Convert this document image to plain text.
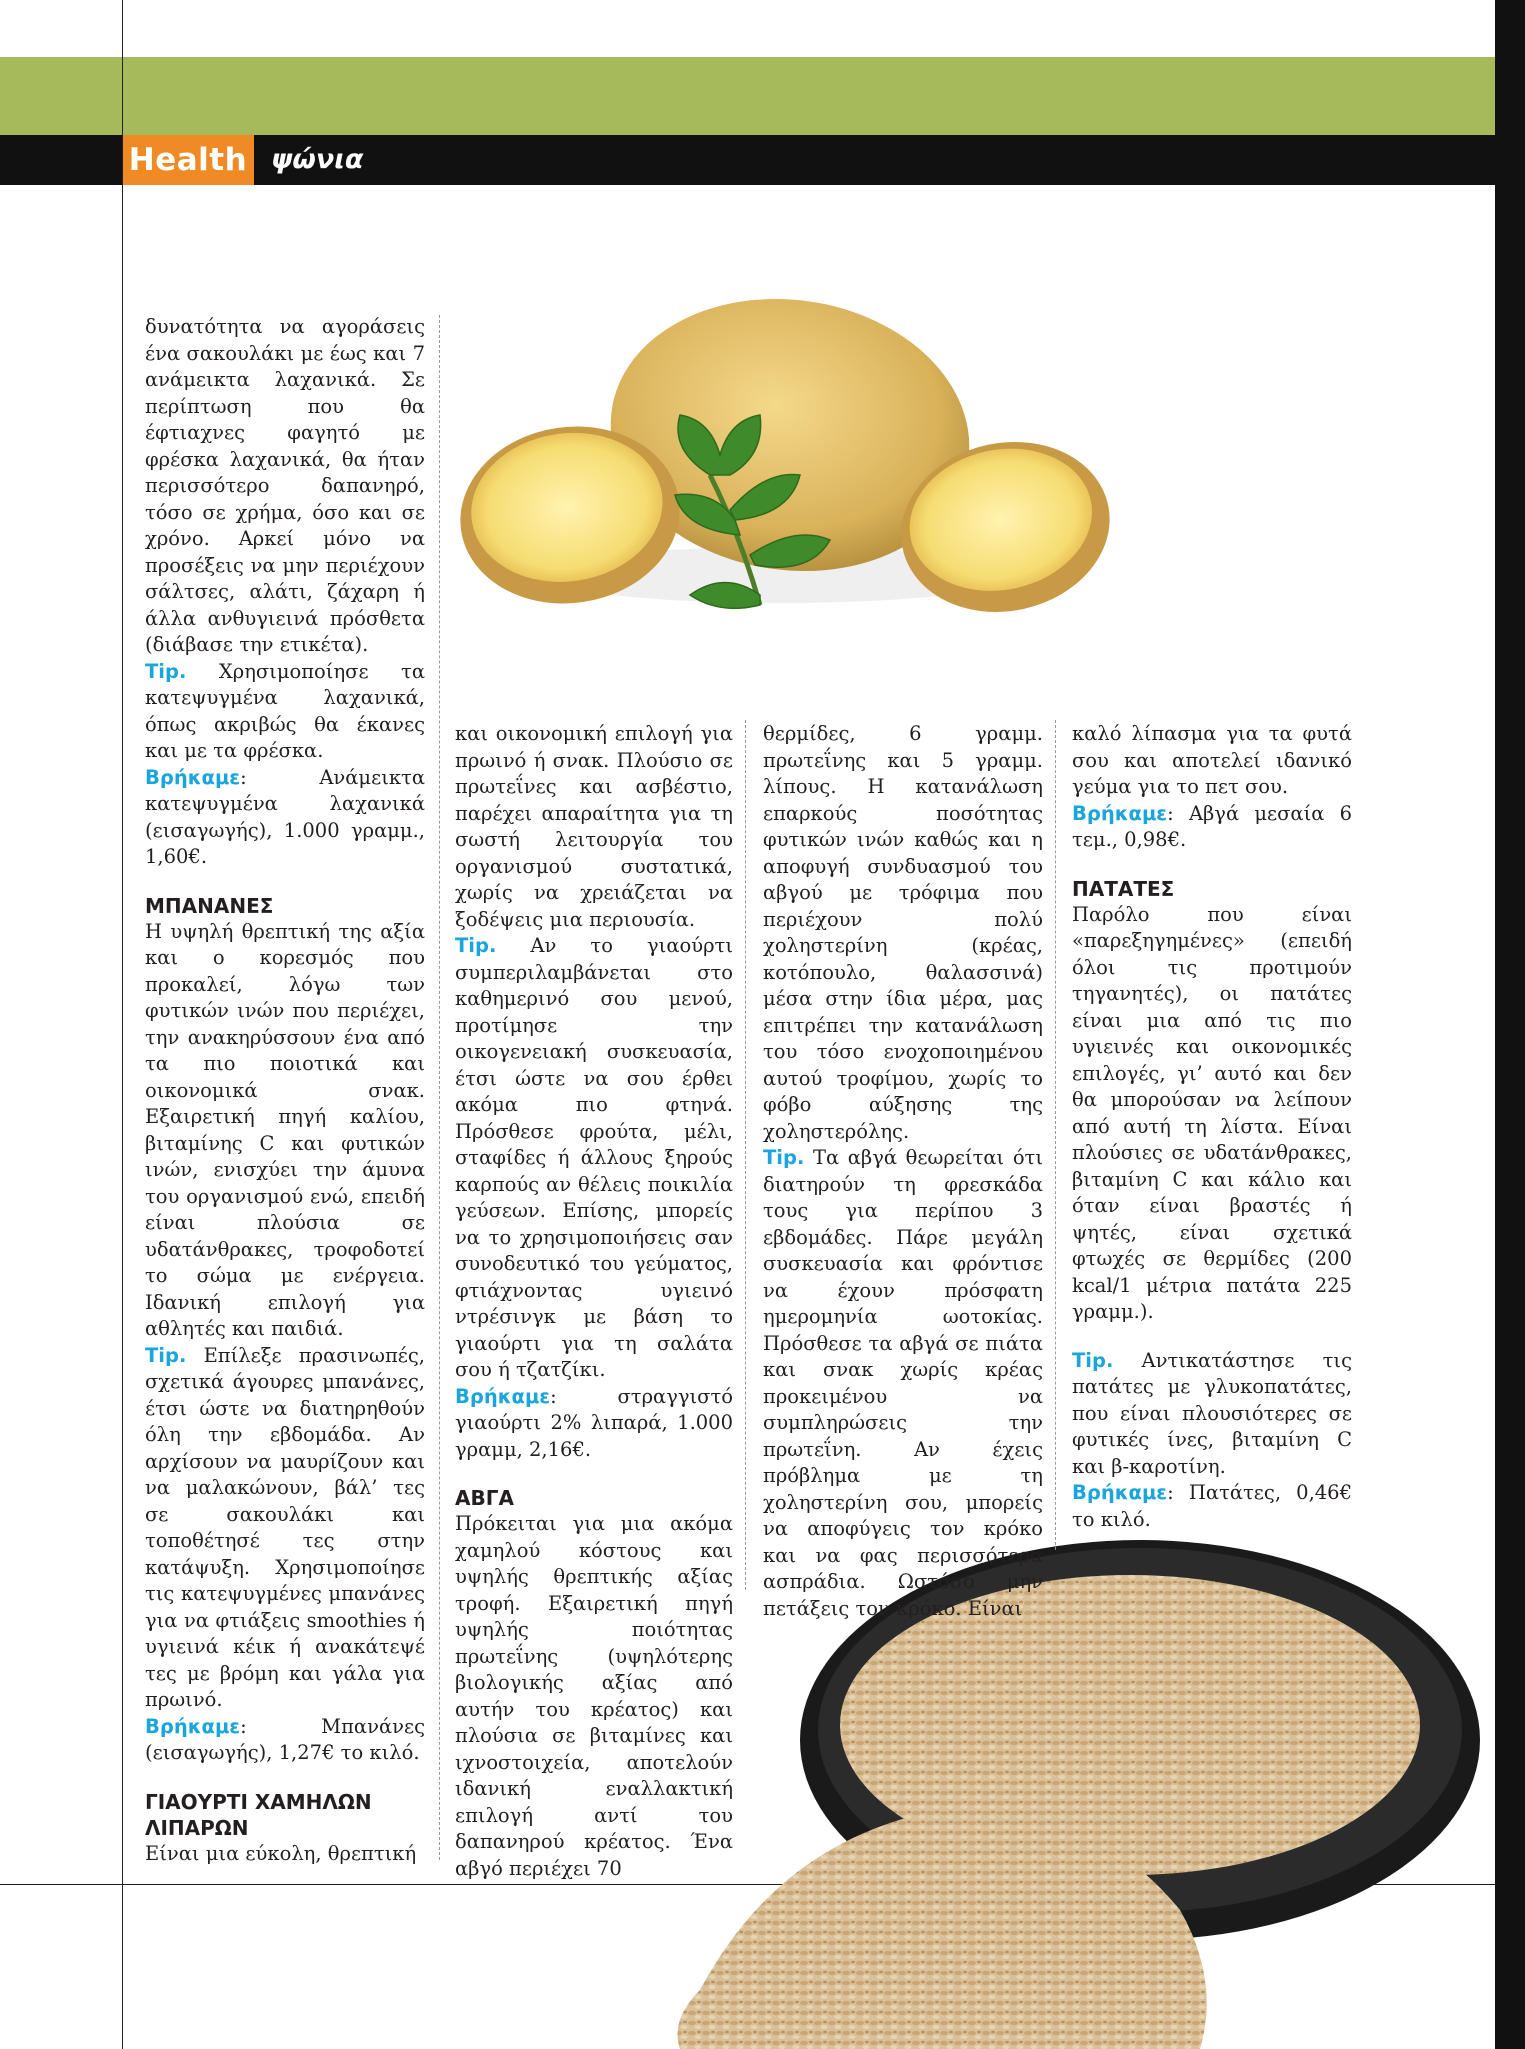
Health ψώνια

δυνατότητα να αγοράσεις ένα σακουλάκι με έως και 7 ανάμεικτα λαχανικά. Σε περίπτωση που θα έφτιαχνες φαγητό με φρέσκα λαχανικά, θα ήταν περισσότερο δαπανηρό, τόσο σε χρήμα, όσο και σε χρόνο. Αρκεί μόνο να προσέξεις να μην περιέχουν σάλτσες, αλάτι, ζάχαρη ή άλλα ανθυγιεινά πρόσθετα (διάβασε την ετικέτα).

Tip. Χρησιμοποίησε τα κατεψυγμένα λαχανικά, όπως ακριβώς θα έκανες και με τα φρέσκα.

Βρήκαμε: Ανάμεικτα κατεψυγμένα λαχανικά (εισαγωγής), 1.000 γραμμ., 1,60€.

ΜΠΑΝΑΝΕΣ

Η υψηλή θρεπτική της αξία και ο κορεσμός που προκαλεί, λόγω των φυτικών ινών που περιέχει, την ανακηρύσσουν ένα από τα πιο ποιοτικά και οικονομικά σνακ. Εξαιρετική πηγή καλίου, βιταμίνης C και φυτικών ινών, ενισχύει την άμυνα του οργανισμού ενώ, επειδή είναι πλούσια σε υδατάνθρακες, τροφοδοτεί το σώμα με ενέργεια. Ιδανική επιλογή για αθλητές και παιδιά.

Tip. Επίλεξε πρασινωπές, σχετικά άγουρες μπανάνες, έτσι ώστε να διατηρηθούν όλη την εβδομάδα. Αν αρχίσουν να μαυρίζουν και να μαλακώνουν, βάλ’ τες σε σακουλάκι και τοποθέτησέ τες στην κατάψυξη. Χρησιμοποίησε τις κατεψυγμένες μπανάνες για να φτιάξεις smoothies ή υγιεινά κέικ ή ανακάτεψέ τες με βρόμη και γάλα για πρωινό.

Βρήκαμε: Μπανάνες (εισαγωγής), 1,27€ το κιλό.

ΓΙΑΟΥΡΤΙ ΧΑΜΗΛΩΝ ΛΙΠΑΡΩΝ

Είναι μια εύκολη, θρεπτική

και οικονομική επιλογή για πρωινό ή σνακ. Πλούσιο σε πρωτεΐνες και ασβέστιο, παρέχει απαραίτητα για τη σωστή λειτουργία του οργανισμού συστατικά, χωρίς να χρειάζεται να ξοδέψεις μια περιουσία.

Tip. Αν το γιαούρτι συμπεριλαμβάνεται στο καθημερινό σου μενού, προτίμησε την οικογενειακή συσκευασία, έτσι ώστε να σου έρθει ακόμα πιο φτηνά. Πρόσθεσε φρούτα, μέλι, σταφίδες ή άλλους ξηρούς καρπούς αν θέλεις ποικιλία γεύσεων. Επίσης, μπορείς να το χρησιμοποιήσεις σαν συνοδευτικό του γεύματος, φτιάχνοντας υγιεινό ντρέσινγκ με βάση το γιαούρτι για τη σαλάτα σου ή τζατζίκι.

Βρήκαμε: στραγγιστό γιαούρτι 2% λιπαρά, 1.000 γραμμ, 2,16€.

ΑΒΓΑ

Πρόκειται για μια ακόμα χαμηλού κόστους και υψηλής θρεπτικής αξίας τροφή. Εξαιρετική πηγή υψηλής ποιότητας πρωτεΐνης (υψηλότερης βιολογικής αξίας από αυτήν του κρέατος) και πλούσια σε βιταμίνες και ιχνοστοιχεία, αποτελούν ιδανική εναλλακτική επιλογή αντί του δαπανηρού κρέατος. Ένα αβγό περιέχει 70

θερμίδες, 6 γραμμ. πρωτεΐνης και 5 γραμμ. λίπους. Η κατανάλωση επαρκούς ποσότητας φυτικών ινών καθώς και η αποφυγή συνδυασμού του αβγού με τρόφιμα που περιέχουν πολύ χοληστερίνη (κρέας, κοτόπουλο, θαλασσινά) μέσα στην ίδια μέρα, μας επιτρέπει την κατανάλωση του τόσο ενοχοποιημένου αυτού τροφίμου, χωρίς το φόβο αύξησης της χοληστερόλης.

Tip. Τα αβγά θεωρείται ότι διατηρούν τη φρεσκάδα τους για περίπου 3 εβδομάδες. Πάρε μεγάλη συσκευασία και φρόντισε να έχουν πρόσφατη ημερομηνία ωοτοκίας. Πρόσθεσε τα αβγά σε πιάτα και σνακ χωρίς κρέας προκειμένου να συμπληρώσεις την πρωτεΐνη. Αν έχεις πρόβλημα με τη χοληστερίνη σου, μπορείς να αποφύγεις τον κρόκο και να φας περισσότερα ασπράδια. Ωστόσο μην πετάξεις τον κρόκο. Είναι

καλό λίπασμα για τα φυτά σου και αποτελεί ιδανικό γεύμα για το πετ σου.

Βρήκαμε: Αβγά μεσαία 6 τεμ., 0,98€.

ΠΑΤΑΤΕΣ

Παρόλο που είναι «παρεξηγημένες» (επειδή όλοι τις προτιμούν τηγανητές), οι πατάτες είναι μια από τις πιο υγιεινές και οικονομικές επιλογές, γι’ αυτό και δεν θα μπορούσαν να λείπουν από αυτή τη λίστα. Είναι πλούσιες σε υδατάνθρακες, βιταμίνη C και κάλιο και όταν είναι βραστές ή ψητές, είναι σχετικά φτωχές σε θερμίδες (200 kcal/1 μέτρια πατάτα 225 γραμμ.).

Tip. Αντικατάστησε τις πατάτες με γλυκοπατάτες, που είναι πλουσιότερες σε φυτικές ίνες, βιταμίνη C και β-καροτίνη.

Βρήκαμε: Πατάτες, 0,46€ το κιλό.
